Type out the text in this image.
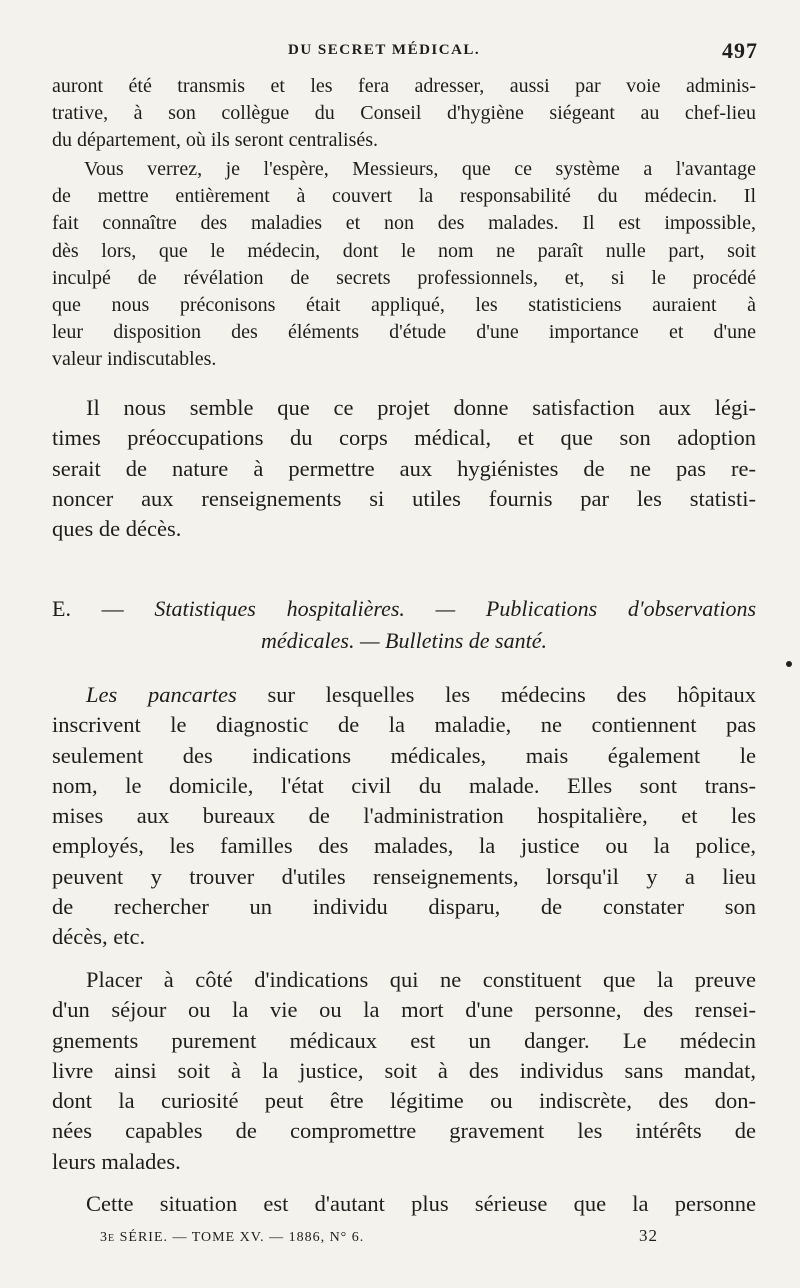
DU SECRET MÉDICAL.	497
auront été transmis et les fera adresser, aussi par voie adminis-
trative, à son collègue du Conseil d'hygiène siégeant au chef-lieu
du département, où ils seront centralisés.
Vous verrez, je l'espère, Messieurs, que ce système a l'avantage
de mettre entièrement à couvert la responsabilité du médecin. Il
fait connaître des maladies et non des malades. Il est impossible,
dès lors, que le médecin, dont le nom ne paraît nulle part, soit
inculpé de révélation de secrets professionnels, et, si le procédé
que nous préconisons était appliqué, les statisticiens auraient à
leur disposition des éléments d'étude d'une importance et d'une
valeur indiscutables.
Il nous semble que ce projet donne satisfaction aux légi-
times préoccupations du corps médical, et que son adoption
serait de nature à permettre aux hygiénistes de ne pas re-
noncer aux renseignements si utiles fournis par les statisti-
ques de décès.
E. — Statistiques hospitalières. — Publications d'observations
médicales. — Bulletins de santé.
Les pancartes sur lesquelles les médecins des hôpitaux
inscrivent le diagnostic de la maladie, ne contiennent pas
seulement des indications médicales, mais également le
nom, le domicile, l'état civil du malade. Elles sont trans-
mises aux bureaux de l'administration hospitalière, et les
employés, les familles des malades, la justice ou la police,
peuvent y trouver d'utiles renseignements, lorsqu'il y a lieu
de rechercher un individu disparu, de constater son
décès, etc.
Placer à côté d'indications qui ne constituent que la preuve
d'un séjour ou la vie ou la mort d'une personne, des rensei-
gnements purement médicaux est un danger. Le médecin
livre ainsi soit à la justice, soit à des individus sans mandat,
dont la curiosité peut être légitime ou indiscrète, des don-
nées capables de compromettre gravement les intérêts de
leurs malades.
Cette situation est d'autant plus sérieuse que la personne
3e SÉRIE. — TOME XV. — 1886, N° 6.	32
